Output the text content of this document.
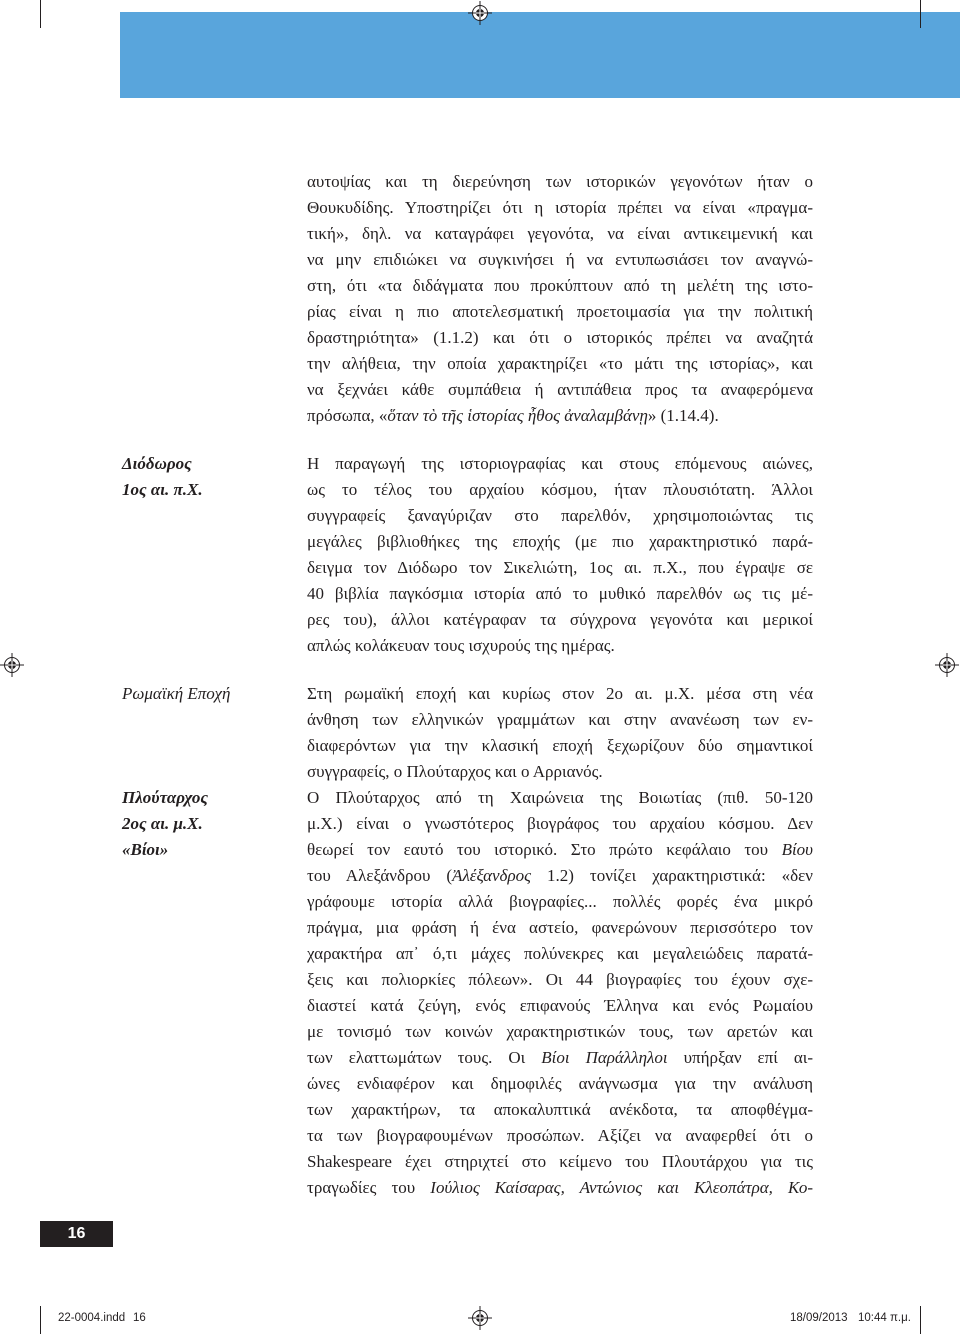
Διόδωρος
1ος αι. π.Χ.
Ρωμαϊκή Εποχή
Πλούταρχος
2ος αι. μ.Χ.
«Βίοι»
αυτοψίας και τη διερεύνηση των ιστορικών γεγονότων ήταν ο
Θουκυδίδης. Υποστηρίζει ότι η ιστορία πρέπει να είναι «πραγμα-
τική», δηλ. να καταγράφει γεγονότα, να είναι αντικειμενική και
να μην επιδιώκει να συγκινήσει ή να εντυπωσιάσει τον αναγνώ-
στη, ότι «τα διδάγματα που προκύπτουν από τη μελέτη της ιστο-
ρίας είναι η πιο αποτελεσματική προετοιμασία για την πολιτική
δραστηριότητα» (1.1.2) και ότι ο ιστορικός πρέπει να αναζητά
την αλήθεια, την οποία χαρακτηρίζει «το μάτι της ιστορίας», και
να ξεχνάει κάθε συμπάθεια ή αντιπάθεια προς τα αναφερόμενα
πρόσωπα, «ὅταν τὸ τῆς ἱστορίας ἦθος ἀναλαμβάνῃ» (1.14.4).
Η παραγωγή της ιστοριογραφίας και στους επόμενους αιώνες,
ως το τέλος του αρχαίου κόσμου, ήταν πλουσιότατη. Άλλοι
συγγραφείς ξαναγύριζαν στο παρελθόν, χρησιμοποιώντας τις
μεγάλες βιβλιοθήκες της εποχής (με πιο χαρακτηριστικό παρά-
δειγμα τον Διόδωρο τον Σικελιώτη, 1ος αι. π.Χ., που έγραψε σε
40 βιβλία παγκόσμια ιστορία από το μυθικό παρελθόν ως τις μέ-
ρες του), άλλοι κατέγραφαν τα σύγχρονα γεγονότα και μερικοί
απλώς κολάκευαν τους ισχυρούς της ημέρας.
Στη ρωμαϊκή εποχή και κυρίως στον 2ο αι. μ.Χ. μέσα στη νέα
άνθηση των ελληνικών γραμμάτων και στην ανανέωση των εν-
διαφερόντων για την κλασική εποχή ξεχωρίζουν δύο σημαντικοί
συγγραφείς, ο Πλούταρχος και ο Αρριανός.
Ο Πλούταρχος από τη Χαιρώνεια της Βοιωτίας (πιθ. 50-120
μ.Χ.) είναι ο γνωστότερος βιογράφος του αρχαίου κόσμου. Δεν
θεωρεί τον εαυτό του ιστορικό. Στο πρώτο κεφάλαιο του Βίου
του Αλεξάνδρου (Ἀλέξανδρος 1.2) τονίζει χαρακτηριστικά: «δεν
γράφουμε ιστορία αλλά βιογραφίες... πολλές φορές ένα μικρό
πράγμα, μια φράση ή ένα αστείο, φανερώνουν περισσότερο τον
χαρακτήρα απ᾽ ό,τι μάχες πολύνεκρες και μεγαλειώδεις παρατά-
ξεις και πολιορκίες πόλεων». Οι 44 βιογραφίες του έχουν σχε-
διαστεί κατά ζεύγη, ενός επιφανούς Έλληνα και ενός Ρωμαίου
με τονισμό των κοινών χαρακτηριστικών τους, των αρετών και
των ελαττωμάτων τους. Οι Βίοι Παράλληλοι υπήρξαν επί αι-
ώνες ενδιαφέρον και δημοφιλές ανάγνωσμα για την ανάλυση
των χαρακτήρων, τα αποκαλυπτικά ανέκδοτα, τα αποφθέγμα-
τα των βιογραφουμένων προσώπων. Αξίζει να αναφερθεί ότι ο
Shakespeare έχει στηριχτεί στο κείμενο του Πλουτάρχου για τις
τραγωδίες του Ιούλιος Καίσαρας, Αντώνιος και Κλεοπάτρα, Κο-
16
22-0004.indd 16	18/09/2013 10:44 π.μ.
